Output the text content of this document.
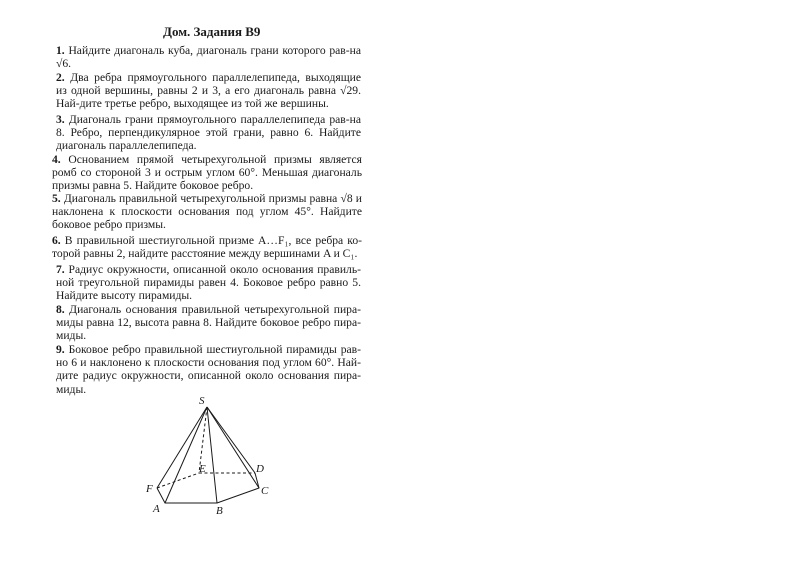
Дом. Задания В9
1. Найдите диагональ куба, диагональ грани которого рав-на √6.
2. Два ребра прямоугольного параллелепипеда, выходящие из одной вершины, равны 2 и 3, а его диагональ равна √29. Най-дите третье ребро, выходящее из той же вершины.
3. Диагональ грани прямоугольного параллелепипеда рав-на 8. Ребро, перпендикулярное этой грани, равно 6. Найдите диагональ параллелепипеда.
4. Основанием прямой четырехугольной призмы является ромб со стороной 3 и острым углом 60°. Меньшая диагональ призмы равна 5. Найдите боковое ребро.
5. Диагональ правильной четырехугольной призмы равна √8 и наклонена к плоскости основания под углом 45°. Найдите боковое ребро призмы.
6. В правильной шестиугольной призме A…F₁, все ребра ко-торой равны 2, найдите расстояние между вершинами A и C₁.
7. Радиус окружности, описанной около основания правиль-ной треугольной пирамиды равен 4. Боковое ребро равно 5. Найдите высоту пирамиды.
8. Диагональ основания правильной четырехугольной пира-миды равна 12, высота равна 8. Найдите боковое ребро пира-миды.
9. Боковое ребро правильной шестиугольной пирамиды рав-но 6 и наклонено к плоскости основания под углом 60°. Най-дите радиус окружности, описанной около основания пира-миды.
S
E	D
C
B
A
F
